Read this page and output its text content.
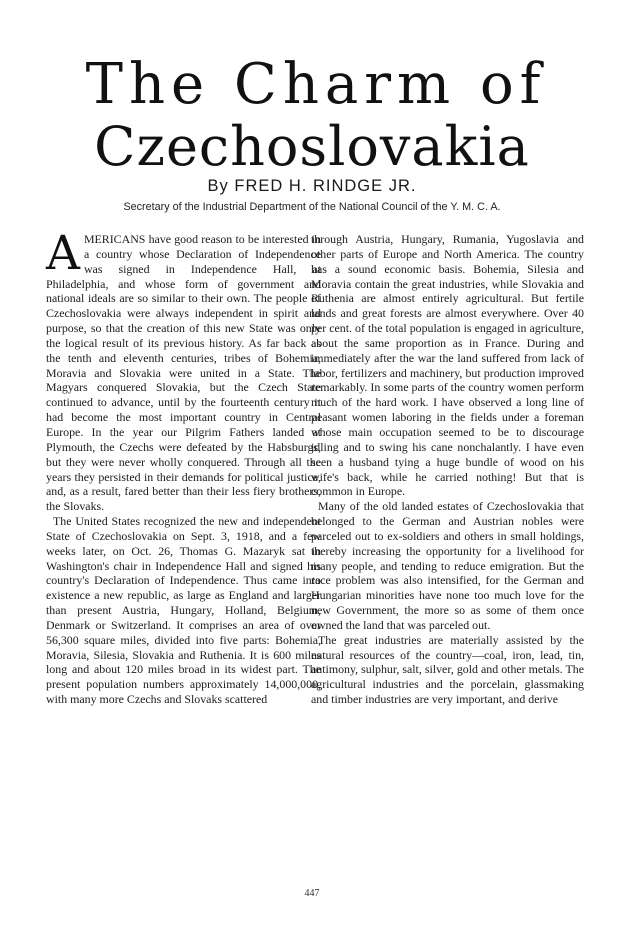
The Charm of
Czechoslovakia
By FRED H. RINDGE JR.
Secretary of the Industrial Department of the National Council of the Y. M. C. A.

AMERICANS have good reason to be interested in a country whose Declaration of Independence was signed in Independence Hall, at Philadelphia, and whose form of government and national ideals are so similar to their own. The people of Czechoslovakia were always independent in spirit and purpose, so that the creation of this new State was only the logical result of its previous history. As far back as the tenth and eleventh centuries, tribes of Bohemia, Moravia and Slovakia were united in a State. The Magyars conquered Slovakia, but the Czech State continued to advance, until by the fourteenth century it had become the most important country in Central Europe. In the year our Pilgrim Fathers landed at Plymouth, the Czechs were defeated by the Habsburgs, but they were never wholly conquered. Through all the years they persisted in their demands for political justice, and, as a result, fared better than their less fiery brothers, the Slovaks.

The United States recognized the new and independent State of Czechoslovakia on Sept. 3, 1918, and a few weeks later, on Oct. 26, Thomas G. Mazaryk sat in Washington's chair in Independence Hall and signed his country's Declaration of Independence. Thus came into existence a new republic, as large as England and larger than present Austria, Hungary, Holland, Belgium, Denmark or Switzerland. It comprises an area of over 56,300 square miles, divided into five parts: Bohemia, Moravia, Silesia, Slovakia and Ruthenia. It is 600 miles long and about 120 miles broad in its widest part. The present population numbers approximately 14,000,000, with many more Czechs and Slovaks scattered

through Austria, Hungary, Rumania, Yugoslavia and other parts of Europe and North America. The country has a sound economic basis. Bohemia, Silesia and Moravia contain the great industries, while Slovakia and Ruthenia are almost entirely agricultural. But fertile lands and great forests are almost everywhere. Over 40 per cent. of the total population is engaged in agriculture, about the same proportion as in France. During and immediately after the war the land suffered from lack of labor, fertilizers and machinery, but production improved remarkably. In some parts of the country women perform much of the hard work. I have observed a long line of peasant women laboring in the fields under a foreman whose main occupation seemed to be to discourage idling and to swing his cane nonchalantly. I have even seen a husband tying a huge bundle of wood on his wife's back, while he carried nothing! But that is common in Europe.

Many of the old landed estates of Czechoslovakia that belonged to the German and Austrian nobles were parceled out to ex-soldiers and others in small holdings, thereby increasing the opportunity for a livelihood for many people, and tending to reduce emigration. But the race problem was also intensified, for the German and Hungarian minorities have none too much love for the new Government, the more so as some of them once owned the land that was parceled out.

The great industries are materially assisted by the natural resources of the country—coal, iron, lead, tin, antimony, sulphur, salt, silver, gold and other metals. The agricultural industries and the porcelain, glassmaking and timber industries are very important, and derive

447
